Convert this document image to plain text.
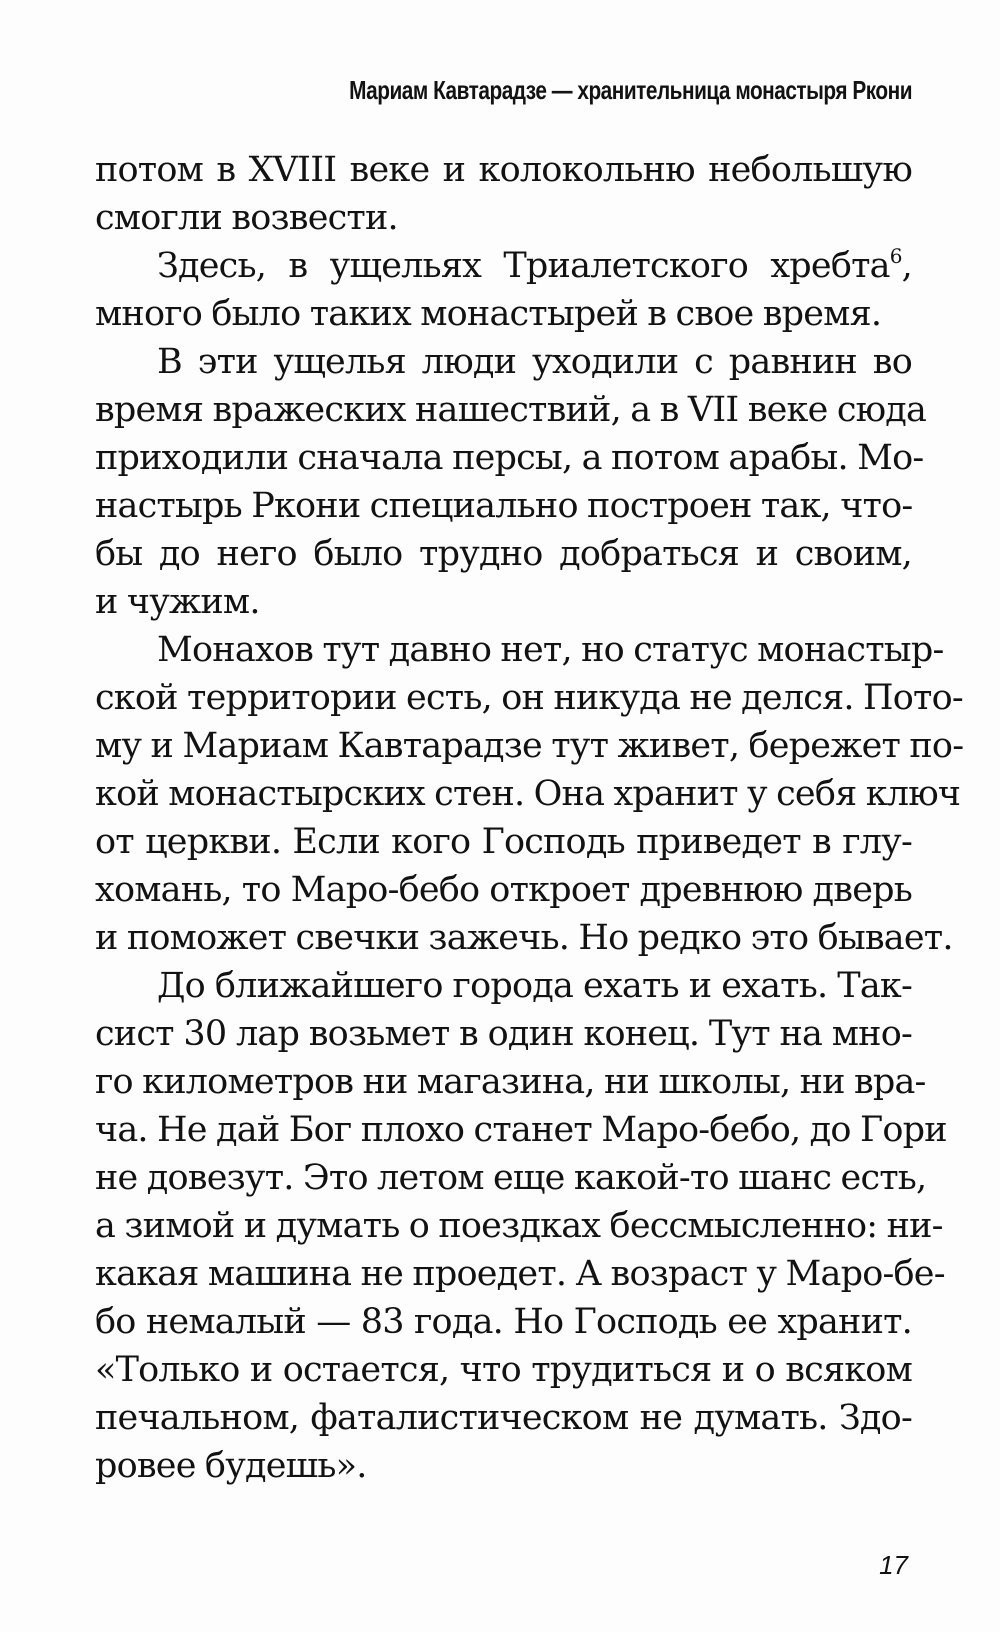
Мариам Кавтарадзе — хранительница монастыря Ркони
потом в XVIII веке и колокольню небольшую
смогли возвести.
Здесь, в ущельях Триалетского хребта$^6$,
много было таких монастырей в свое время.
В эти ущелья люди уходили с равнин во
время вражеских нашествий, а в VII веке сюда
приходили сначала персы, а потом арабы. Мо-
настырь Ркони специально построен так, что-
бы до него было трудно добраться и своим,
и чужим.
Монахов тут давно нет, но статус монастыр-
ской территории есть, он никуда не делся. Пото-
му и Мариам Кавтарадзе тут живет, бережет по-
кой монастырских стен. Она хранит у себя ключ
от церкви. Если кого Господь приведет в глу-
хомань, то Маро-бебо откроет древнюю дверь
и поможет свечки зажечь. Но редко это бывает.
До ближайшего города ехать и ехать. Так-
сист 30 лар возьмет в один конец. Тут на мно-
го километров ни магазина, ни школы, ни вра-
ча. Не дай Бог плохо станет Маро-бебо, до Гори
не довезут. Это летом еще какой-то шанс есть,
а зимой и думать о поездках бессмысленно: ни-
какая машина не проедет. А возраст у Маро-бе-
бо немалый — 83 года. Но Господь ее хранит.
«Только и остается, что трудиться и о всяком
печальном, фаталистическом не думать. Здо-
ровее будешь».
17
